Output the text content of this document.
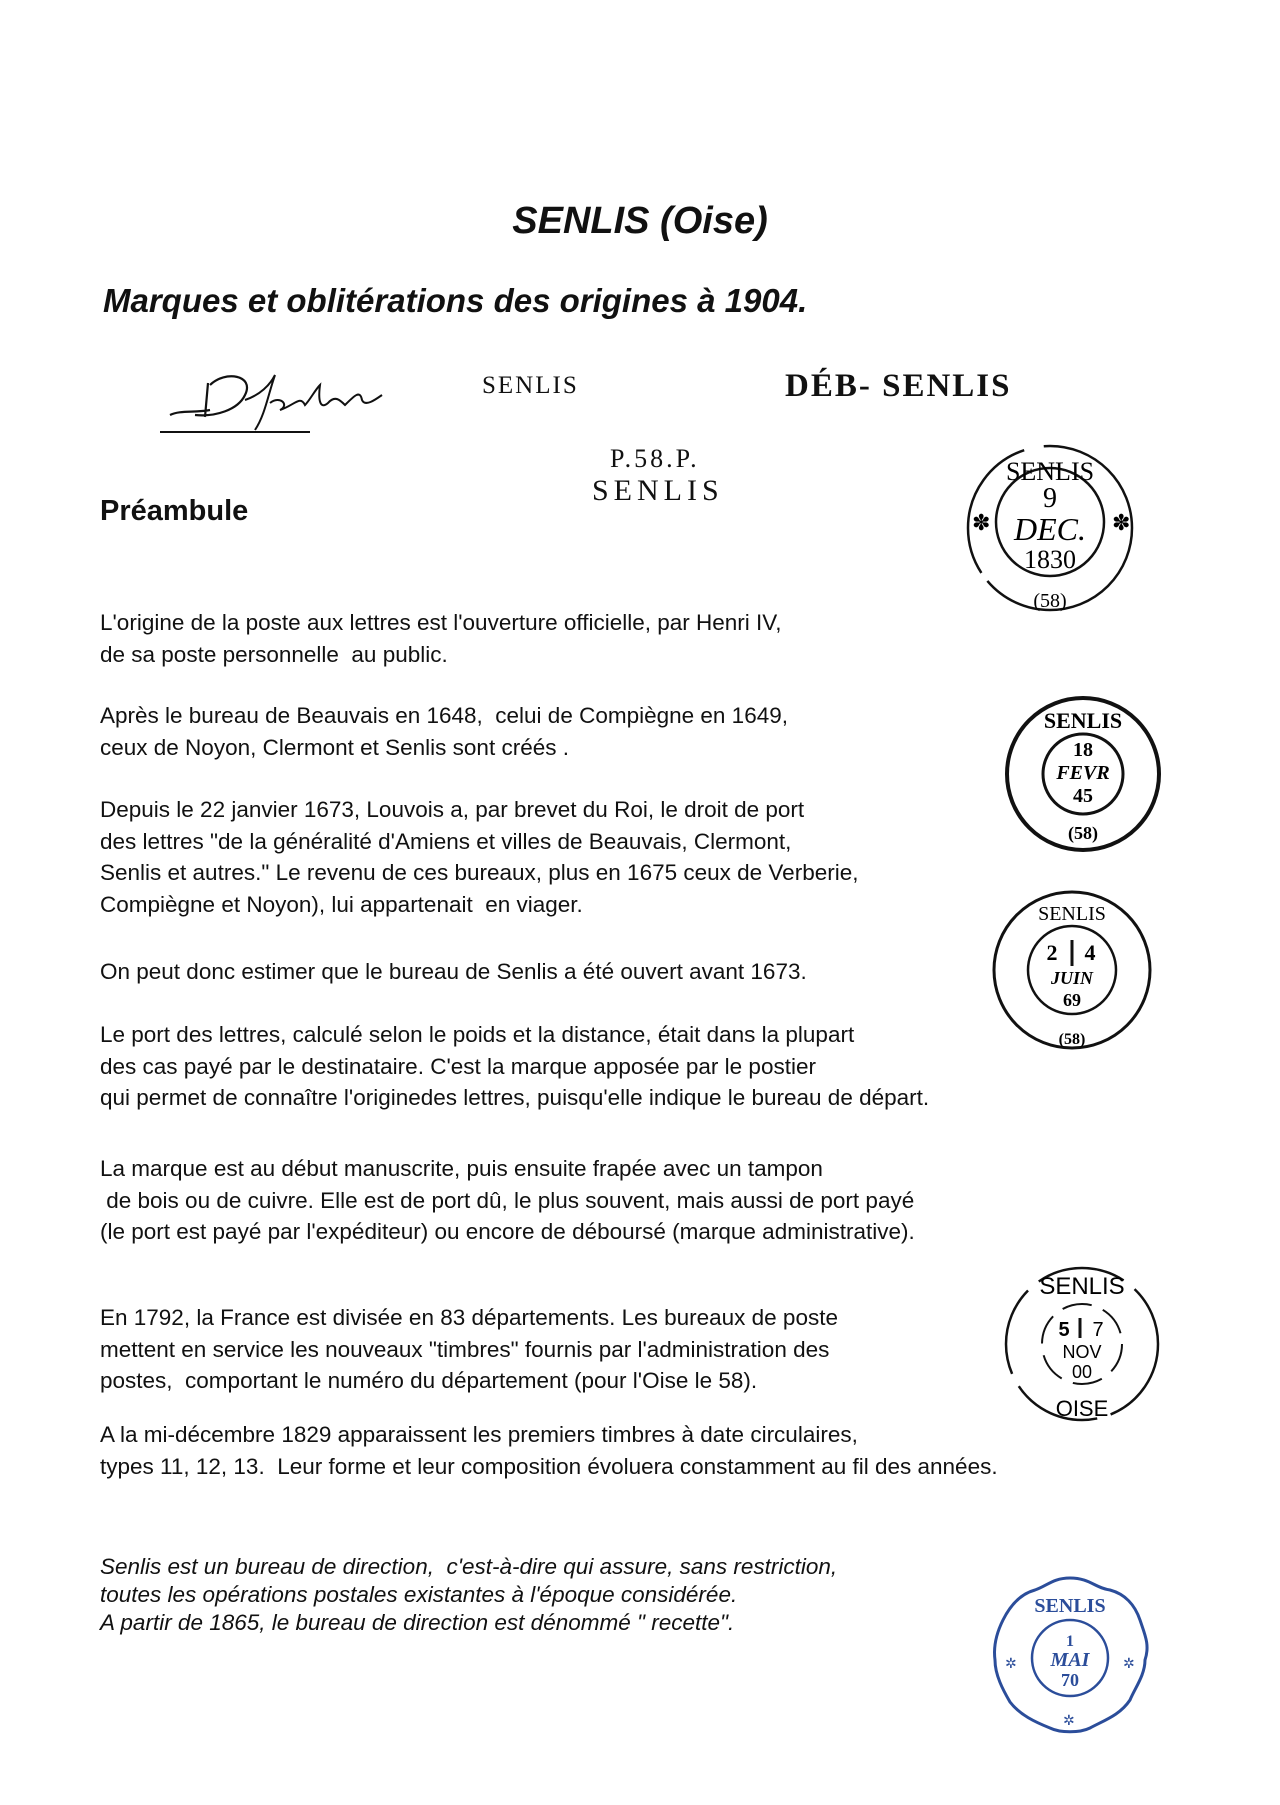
SENLIS (Oise)
Marques et oblitérations des origines à 1904.
SENLIS
P.58.P.
SENLIS
DÉB- SENLIS
Préambule
SENLIS
9
DEC.
1830
(58)
✽	✽
SENLIS
18
FEVR
45
(58)
SENLIS
2 4
JUIN
69
(58)
SENLIS
5 7
NOV
00
OISE
SENLIS
1
MAI
70
✲	✲
✲
L'origine de la poste aux lettres est l'ouverture officielle, par Henri IV,
de sa poste personnelle  au public.
Après le bureau de Beauvais en 1648,  celui de Compiègne en 1649,
ceux de Noyon, Clermont et Senlis sont créés .
Depuis le 22 janvier 1673, Louvois a, par brevet du Roi, le droit de port
des lettres "de la généralité d'Amiens et villes de Beauvais, Clermont,
Senlis et autres." Le revenu de ces bureaux, plus en 1675 ceux de Verberie,
Compiègne et Noyon), lui appartenait  en viager.
On peut donc estimer que le bureau de Senlis a été ouvert avant 1673.
Le port des lettres, calculé selon le poids et la distance, était dans la plupart
des cas payé par le destinataire. C'est la marque apposée par le postier
qui permet de connaître l'originedes lettres, puisqu'elle indique le bureau de départ.
La marque est au début manuscrite, puis ensuite frapée avec un tampon
de bois ou de cuivre. Elle est de port dû, le plus souvent, mais aussi de port payé
(le port est payé par l'expéditeur) ou encore de déboursé (marque administrative).
En 1792, la France est divisée en 83 départements. Les bureaux de poste
mettent en service les nouveaux "timbres" fournis par l'administration des
postes,  comportant le numéro du département (pour l'Oise le 58).
A la mi-décembre 1829 apparaissent les premiers timbres à date circulaires,
types 11, 12, 13.  Leur forme et leur composition évoluera constamment au fil des années.
Senlis est un bureau de direction,  c'est-à-dire qui assure, sans restriction,
toutes les opérations postales existantes à l'époque considérée.
A partir de 1865, le bureau de direction est dénommé " recette".
